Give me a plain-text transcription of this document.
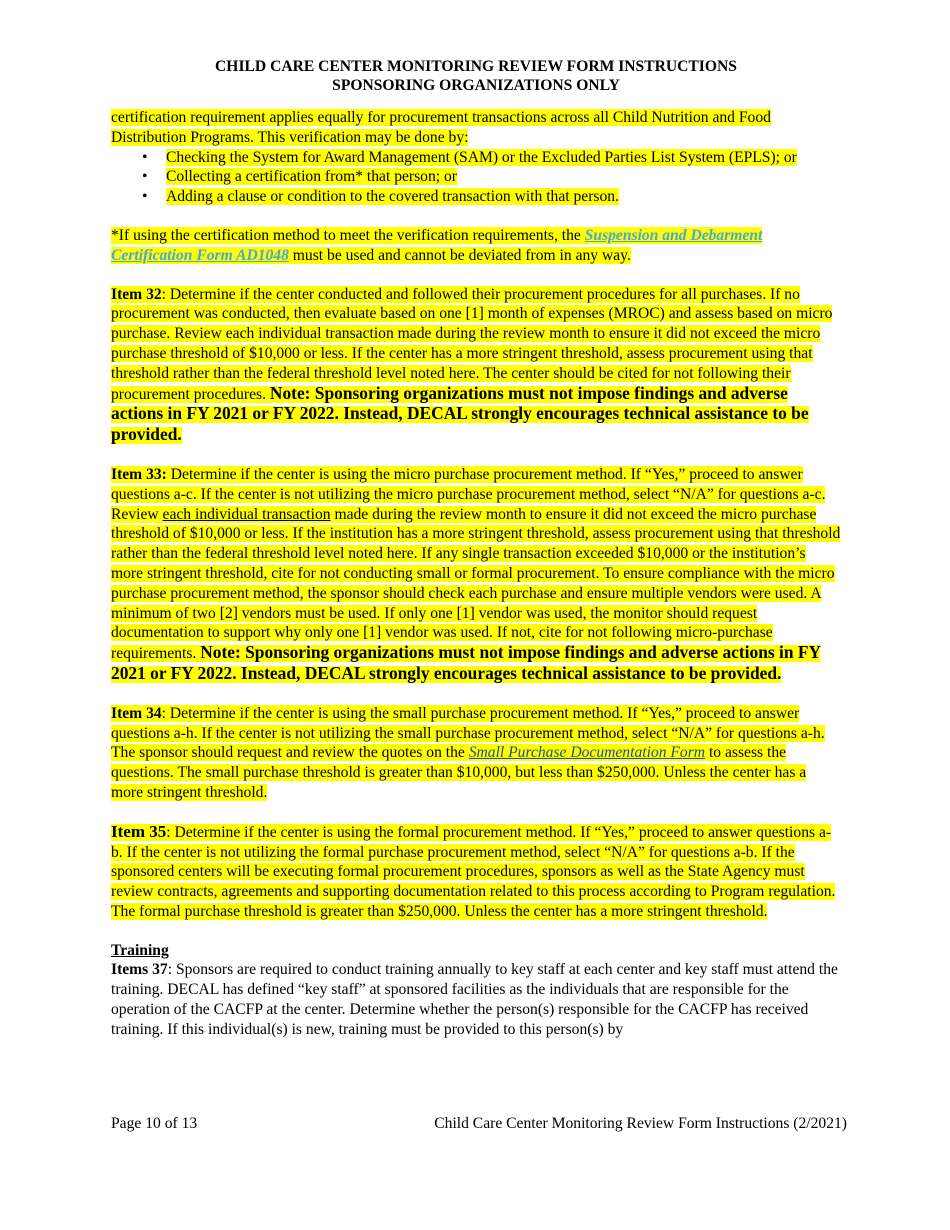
CHILD CARE CENTER MONITORING REVIEW FORM INSTRUCTIONS
SPONSORING ORGANIZATIONS ONLY
certification requirement applies equally for procurement transactions across all Child Nutrition and Food Distribution Programs. This verification may be done by:
• Checking the System for Award Management (SAM) or the Excluded Parties List System (EPLS); or
• Collecting a certification from* that person; or
• Adding a clause or condition to the covered transaction with that person.
*If using the certification method to meet the verification requirements, the Suspension and Debarment Certification Form AD1048 must be used and cannot be deviated from in any way.
Item 32: Determine if the center conducted and followed their procurement procedures for all purchases. If no procurement was conducted, then evaluate based on one [1] month of expenses (MROC) and assess based on micro purchase. Review each individual transaction made during the review month to ensure it did not exceed the micro purchase threshold of $10,000 or less. If the center has a more stringent threshold, assess procurement using that threshold rather than the federal threshold level noted here. The center should be cited for not following their procurement procedures. Note: Sponsoring organizations must not impose findings and adverse actions in FY 2021 or FY 2022. Instead, DECAL strongly encourages technical assistance to be provided.
Item 33: Determine if the center is using the micro purchase procurement method. If “Yes,” proceed to answer questions a-c. If the center is not utilizing the micro purchase procurement method, select “N/A” for questions a-c. Review each individual transaction made during the review month to ensure it did not exceed the micro purchase threshold of $10,000 or less. If the institution has a more stringent threshold, assess procurement using that threshold rather than the federal threshold level noted here. If any single transaction exceeded $10,000 or the institution’s more stringent threshold, cite for not conducting small or formal procurement. To ensure compliance with the micro purchase procurement method, the sponsor should check each purchase and ensure multiple vendors were used. A minimum of two [2] vendors must be used. If only one [1] vendor was used, the monitor should request documentation to support why only one [1] vendor was used. If not, cite for not following micro-purchase requirements. Note: Sponsoring organizations must not impose findings and adverse actions in FY 2021 or FY 2022. Instead, DECAL strongly encourages technical assistance to be provided.
Item 34: Determine if the center is using the small purchase procurement method. If “Yes,” proceed to answer questions a-h. If the center is not utilizing the small purchase procurement method, select “N/A” for questions a-h. The sponsor should request and review the quotes on the Small Purchase Documentation Form to assess the questions. The small purchase threshold is greater than $10,000, but less than $250,000. Unless the center has a more stringent threshold.
Item 35: Determine if the center is using the formal procurement method. If “Yes,” proceed to answer questions a-b. If the center is not utilizing the formal purchase procurement method, select “N/A” for questions a-b. If the sponsored centers will be executing formal procurement procedures, sponsors as well as the State Agency must review contracts, agreements and supporting documentation related to this process according to Program regulation. The formal purchase threshold is greater than $250,000. Unless the center has a more stringent threshold.
Training
Items 37: Sponsors are required to conduct training annually to key staff at each center and key staff must attend the training. DECAL has defined “key staff” at sponsored facilities as the individuals that are responsible for the operation of the CACFP at the center. Determine whether the person(s) responsible for the CACFP has received training. If this individual(s) is new, training must be provided to this person(s) by
Page 10 of 13	Child Care Center Monitoring Review Form Instructions (2/2021)
